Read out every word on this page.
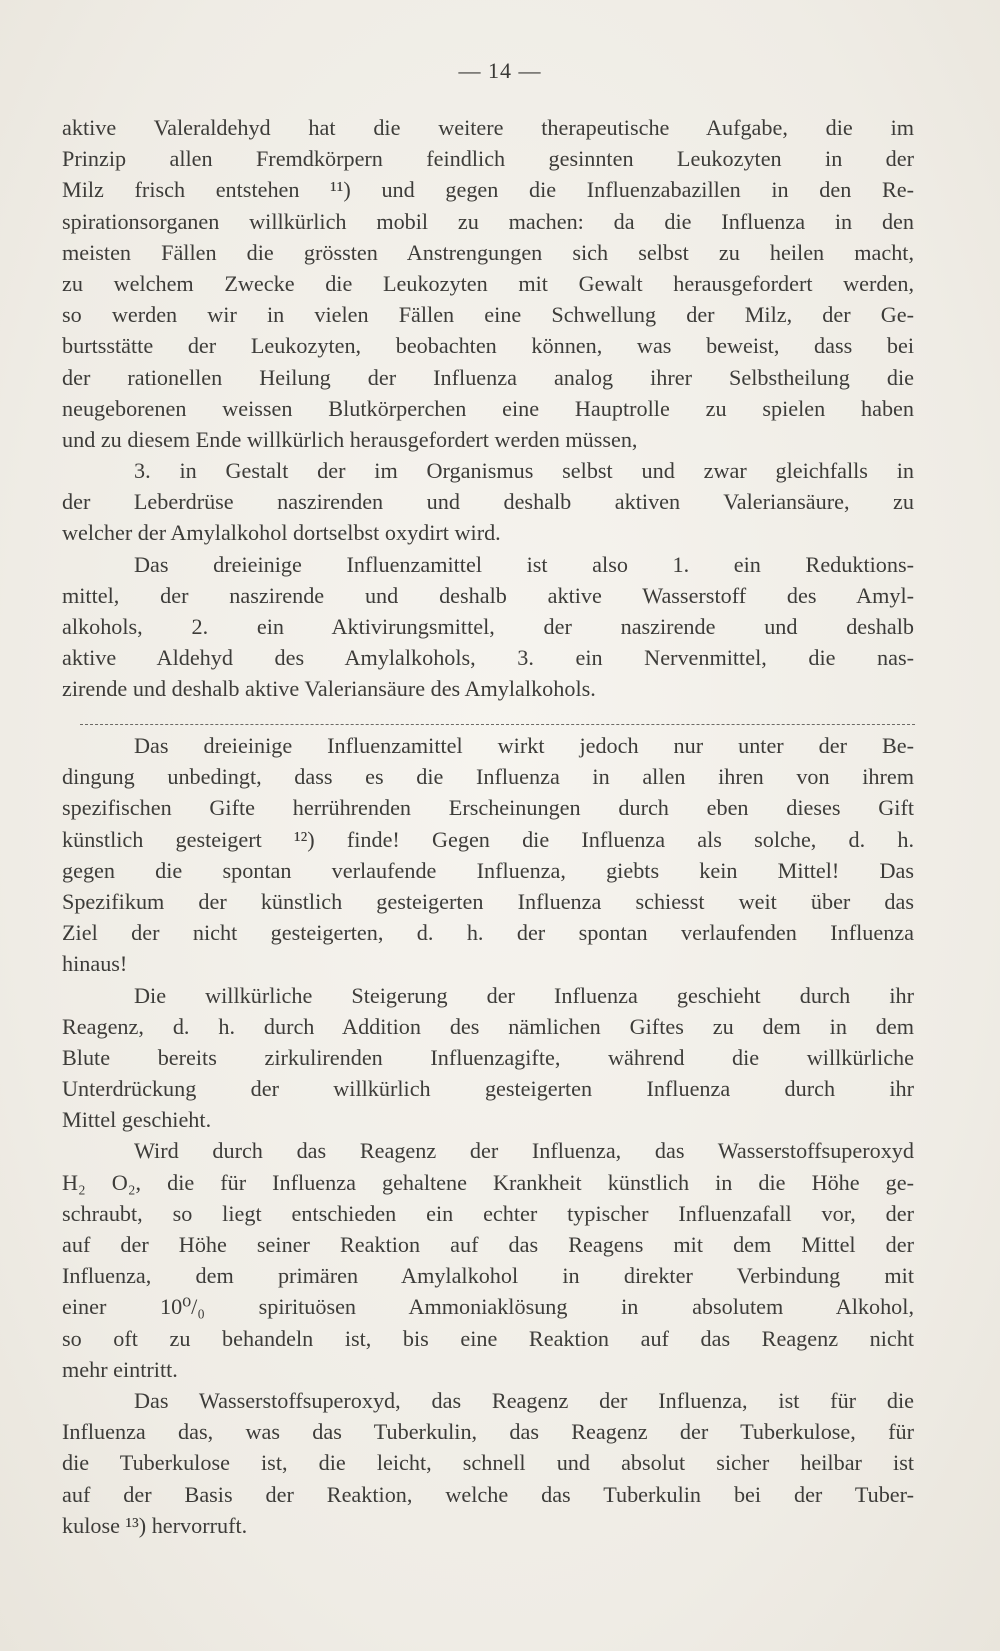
— 14 —
aktive Valeraldehyd hat die weitere therapeutische Aufgabe, die im
Prinzip allen Fremdkörpern feindlich gesinnten Leukozyten in der
Milz frisch entstehen ¹¹) und gegen die Influenzabazillen in den Re-
spirationsorganen willkürlich mobil zu machen: da die Influenza in den
meisten Fällen die grössten Anstrengungen sich selbst zu heilen macht,
zu welchem Zwecke die Leukozyten mit Gewalt herausgefordert werden,
so werden wir in vielen Fällen eine Schwellung der Milz, der Ge-
burtsstätte der Leukozyten, beobachten können, was beweist, dass bei
der rationellen Heilung der Influenza analog ihrer Selbstheilung die
neugeborenen weissen Blutkörperchen eine Hauptrolle zu spielen haben
und zu diesem Ende willkürlich herausgefordert werden müssen,
3. in Gestalt der im Organismus selbst und zwar gleichfalls in
der Leberdrüse naszirenden und deshalb aktiven Valeriansäure, zu
welcher der Amylalkohol dortselbst oxydirt wird.
Das dreieinige Influenzamittel ist also 1. ein Reduktions-
mittel, der naszirende und deshalb aktive Wasserstoff des Amyl-
alkohols, 2. ein Aktivirungsmittel, der naszirende und deshalb
aktive Aldehyd des Amylalkohols, 3. ein Nervenmittel, die nas-
zirende und deshalb aktive Valeriansäure des Amylalkohols.
Das dreieinige Influenzamittel wirkt jedoch nur unter der Be-
dingung unbedingt, dass es die Influenza in allen ihren von ihrem
spezifischen Gifte herrührenden Erscheinungen durch eben dieses Gift
künstlich gesteigert ¹²) finde! Gegen die Influenza als solche, d. h.
gegen die spontan verlaufende Influenza, giebts kein Mittel! Das
Spezifikum der künstlich gesteigerten Influenza schiesst weit über das
Ziel der nicht gesteigerten, d. h. der spontan verlaufenden Influenza
hinaus!
Die willkürliche Steigerung der Influenza geschieht durch ihr
Reagenz, d. h. durch Addition des nämlichen Giftes zu dem in dem
Blute bereits zirkulirenden Influenzagifte, während die willkürliche
Unterdrückung der willkürlich gesteigerten Influenza durch ihr
Mittel geschieht.
Wird durch das Reagenz der Influenza, das Wasserstoffsuperoxyd
H₂ O₂, die für Influenza gehaltene Krankheit künstlich in die Höhe ge-
schraubt, so liegt entschieden ein echter typischer Influenzafall vor, der
auf der Höhe seiner Reaktion auf das Reagens mit dem Mittel der
Influenza, dem primären Amylalkohol in direkter Verbindung mit
einer 10⁰/₀ spirituösen Ammoniaklösung in absolutem Alkohol,
so oft zu behandeln ist, bis eine Reaktion auf das Reagenz nicht
mehr eintritt.
Das Wasserstoffsuperoxyd, das Reagenz der Influenza, ist für die
Influenza das, was das Tuberkulin, das Reagenz der Tuberkulose, für
die Tuberkulose ist, die leicht, schnell und absolut sicher heilbar ist
auf der Basis der Reaktion, welche das Tuberkulin bei der Tuber-
kulose ¹³) hervorruft.
